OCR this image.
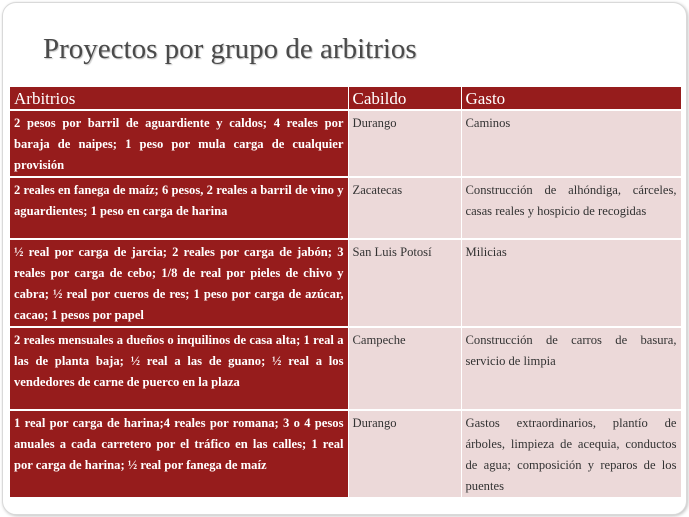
Proyectos por grupo de arbitrios
Arbitrios	Cabildo	Gasto
2 pesos por barril de aguardiente y caldos; 4 reales por baraja de naipes; 1 peso por mula carga de cualquier provisión	Durango	Caminos
2 reales en fanega de maíz; 6 pesos, 2 reales a barril de vino y aguardientes; 1 peso en carga de harina	Zacatecas	Construcción de alhóndiga, cárceles, casas reales y hospicio de recogidas
½ real por carga de jarcia; 2 reales por carga de jabón; 3 reales por carga de cebo; 1/8 de real por pieles de chivo y cabra; ½ real por cueros de res; 1 peso por carga de azúcar, cacao; 1 pesos por papel	San Luis Potosí	Milicias
2 reales mensuales a dueños o inquilinos de casa alta; 1 real a las de planta baja; ½ real a las de guano; ½ real a los vendedores de carne de puerco en la plaza	Campeche	Construcción de carros de basura, servicio de limpia
1 real por carga de harina;4 reales por romana; 3 o 4 pesos anuales a cada carretero por el tráfico en las calles; 1 real por carga de harina; ½ real por fanega de maíz	Durango	Gastos extraordinarios, plantío de árboles, limpieza de acequia, conductos de agua; composición y reparos de los puentes
